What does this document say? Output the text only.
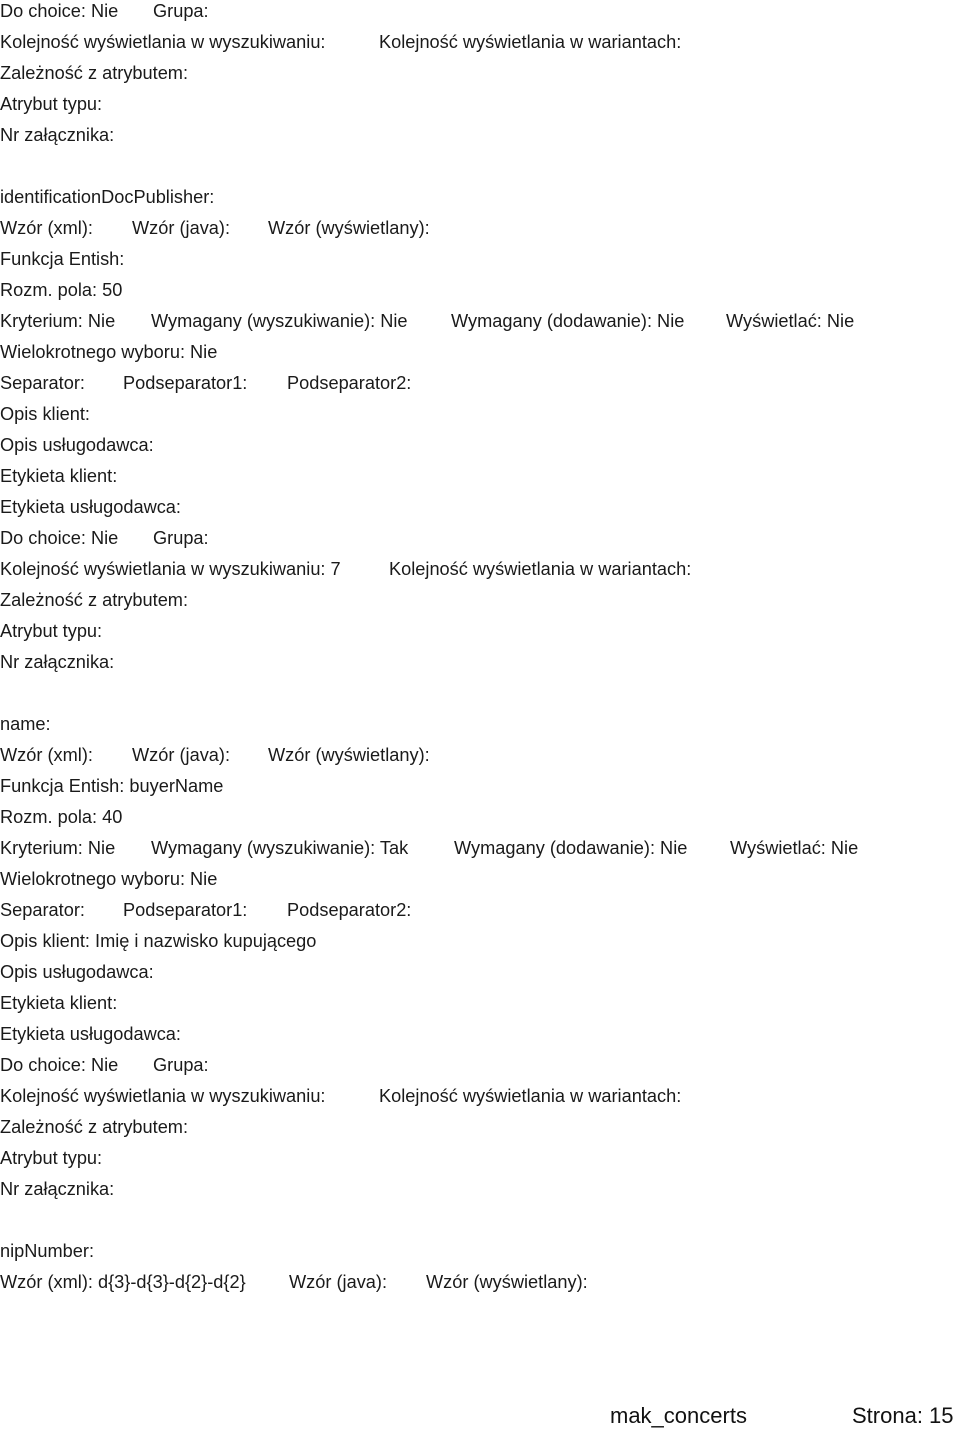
Do choice: Nie Grupa:
Kolejność wyświetlania w wyszukiwaniu:	Kolejność wyświetlania w wariantach:
Zależność z atrybutem:
Atrybut typu:
Nr załącznika:
identificationDocPublisher:
Wzór (xml): Wzór (java): Wzór (wyświetlany):
Funkcja Entish:
Rozm. pola: 50
Kryterium: Nie Wymagany (wyszukiwanie): Nie Wymagany (dodawanie): Nie Wyświetlać: Nie
Wielokrotnego wyboru: Nie
Separator: Podseparator1: Podseparator2:
Opis klient:
Opis usługodawca:
Etykieta klient:
Etykieta usługodawca:
Do choice: Nie Grupa:
Kolejność wyświetlania w wyszukiwaniu: 7	Kolejność wyświetlania w wariantach:
Zależność z atrybutem:
Atrybut typu:
Nr załącznika:
name:
Wzór (xml): Wzór (java): Wzór (wyświetlany):
Funkcja Entish: buyerName
Rozm. pola: 40
Kryterium: Nie Wymagany (wyszukiwanie): Tak	Wymagany (dodawanie): Nie Wyświetlać: Nie
Wielokrotnego wyboru: Nie
Separator: Podseparator1: Podseparator2:
Opis klient: Imię i nazwisko kupującego
Opis usługodawca:
Etykieta klient:
Etykieta usługodawca:
Do choice: Nie Grupa:
Kolejność wyświetlania w wyszukiwaniu:	Kolejność wyświetlania w wariantach:
Zależność z atrybutem:
Atrybut typu:
Nr załącznika:
nipNumber:
Wzór (xml): d{3}-d{3}-d{2}-d{2} Wzór (java): Wzór (wyświetlany):
mak_concerts	Strona: 15
